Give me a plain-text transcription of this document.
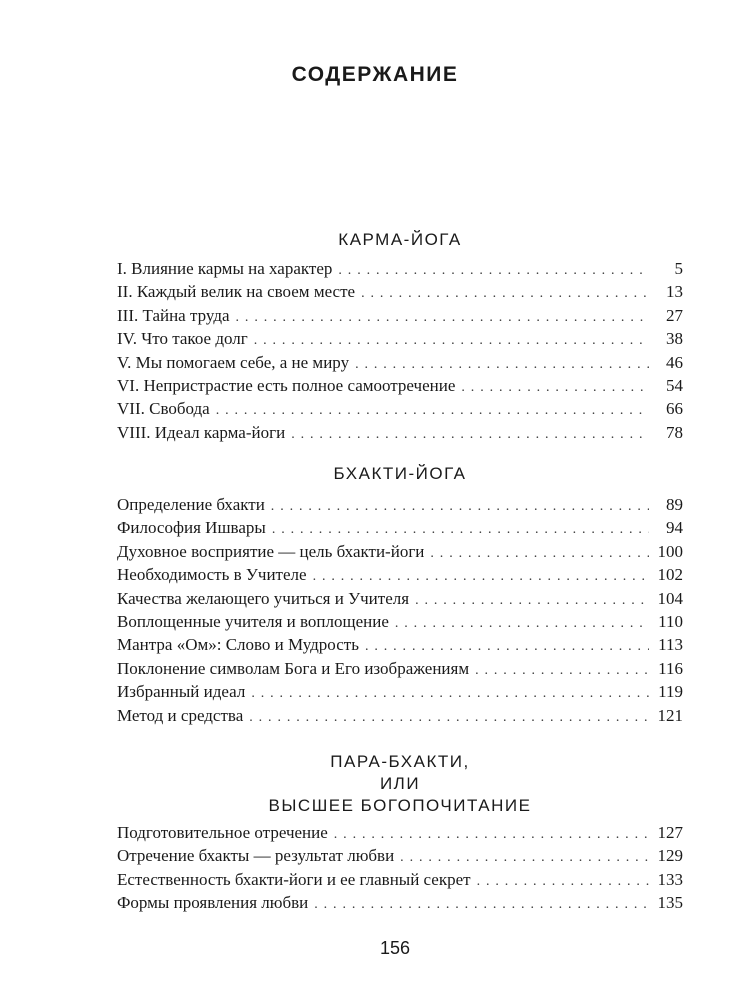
СОДЕРЖАНИЕ
КАРМА-ЙОГА
I. Влияние кармы на характер . . .	5
II. Каждый велик на своем месте . . .	13
III. Тайна труда . . .	27
IV. Что такое долг . . .	38
V. Мы помогаем себе, а не миру . . .	46
VI. Непристрастие есть полное самоотречение . . .	54
VII. Свобода . . .	66
VIII. Идеал карма-йоги . . .	78
БХАКТИ-ЙОГА
Определение бхакти . . .	89
Философия Ишвары . . .	94
Духовное восприятие — цель бхакти-йоги . . .	100
Необходимость в Учителе . . .	102
Качества желающего учиться и Учителя . . .	104
Воплощенные учителя и воплощение . . .	110
Мантра «Ом»: Слово и Мудрость . . .	113
Поклонение символам Бога и Его изображениям . . .	116
Избранный идеал . . .	119
Метод и средства . . .	121
ПАРА-БХАКТИ,
ИЛИ
ВЫСШЕЕ БОГОПОЧИТАНИЕ
Подготовительное отречение . . .	127
Отречение бхакты — результат любви . . .	129
Естественность бхакти-йоги и ее главный секрет . . .	133
Формы проявления любви . . .	135
156
